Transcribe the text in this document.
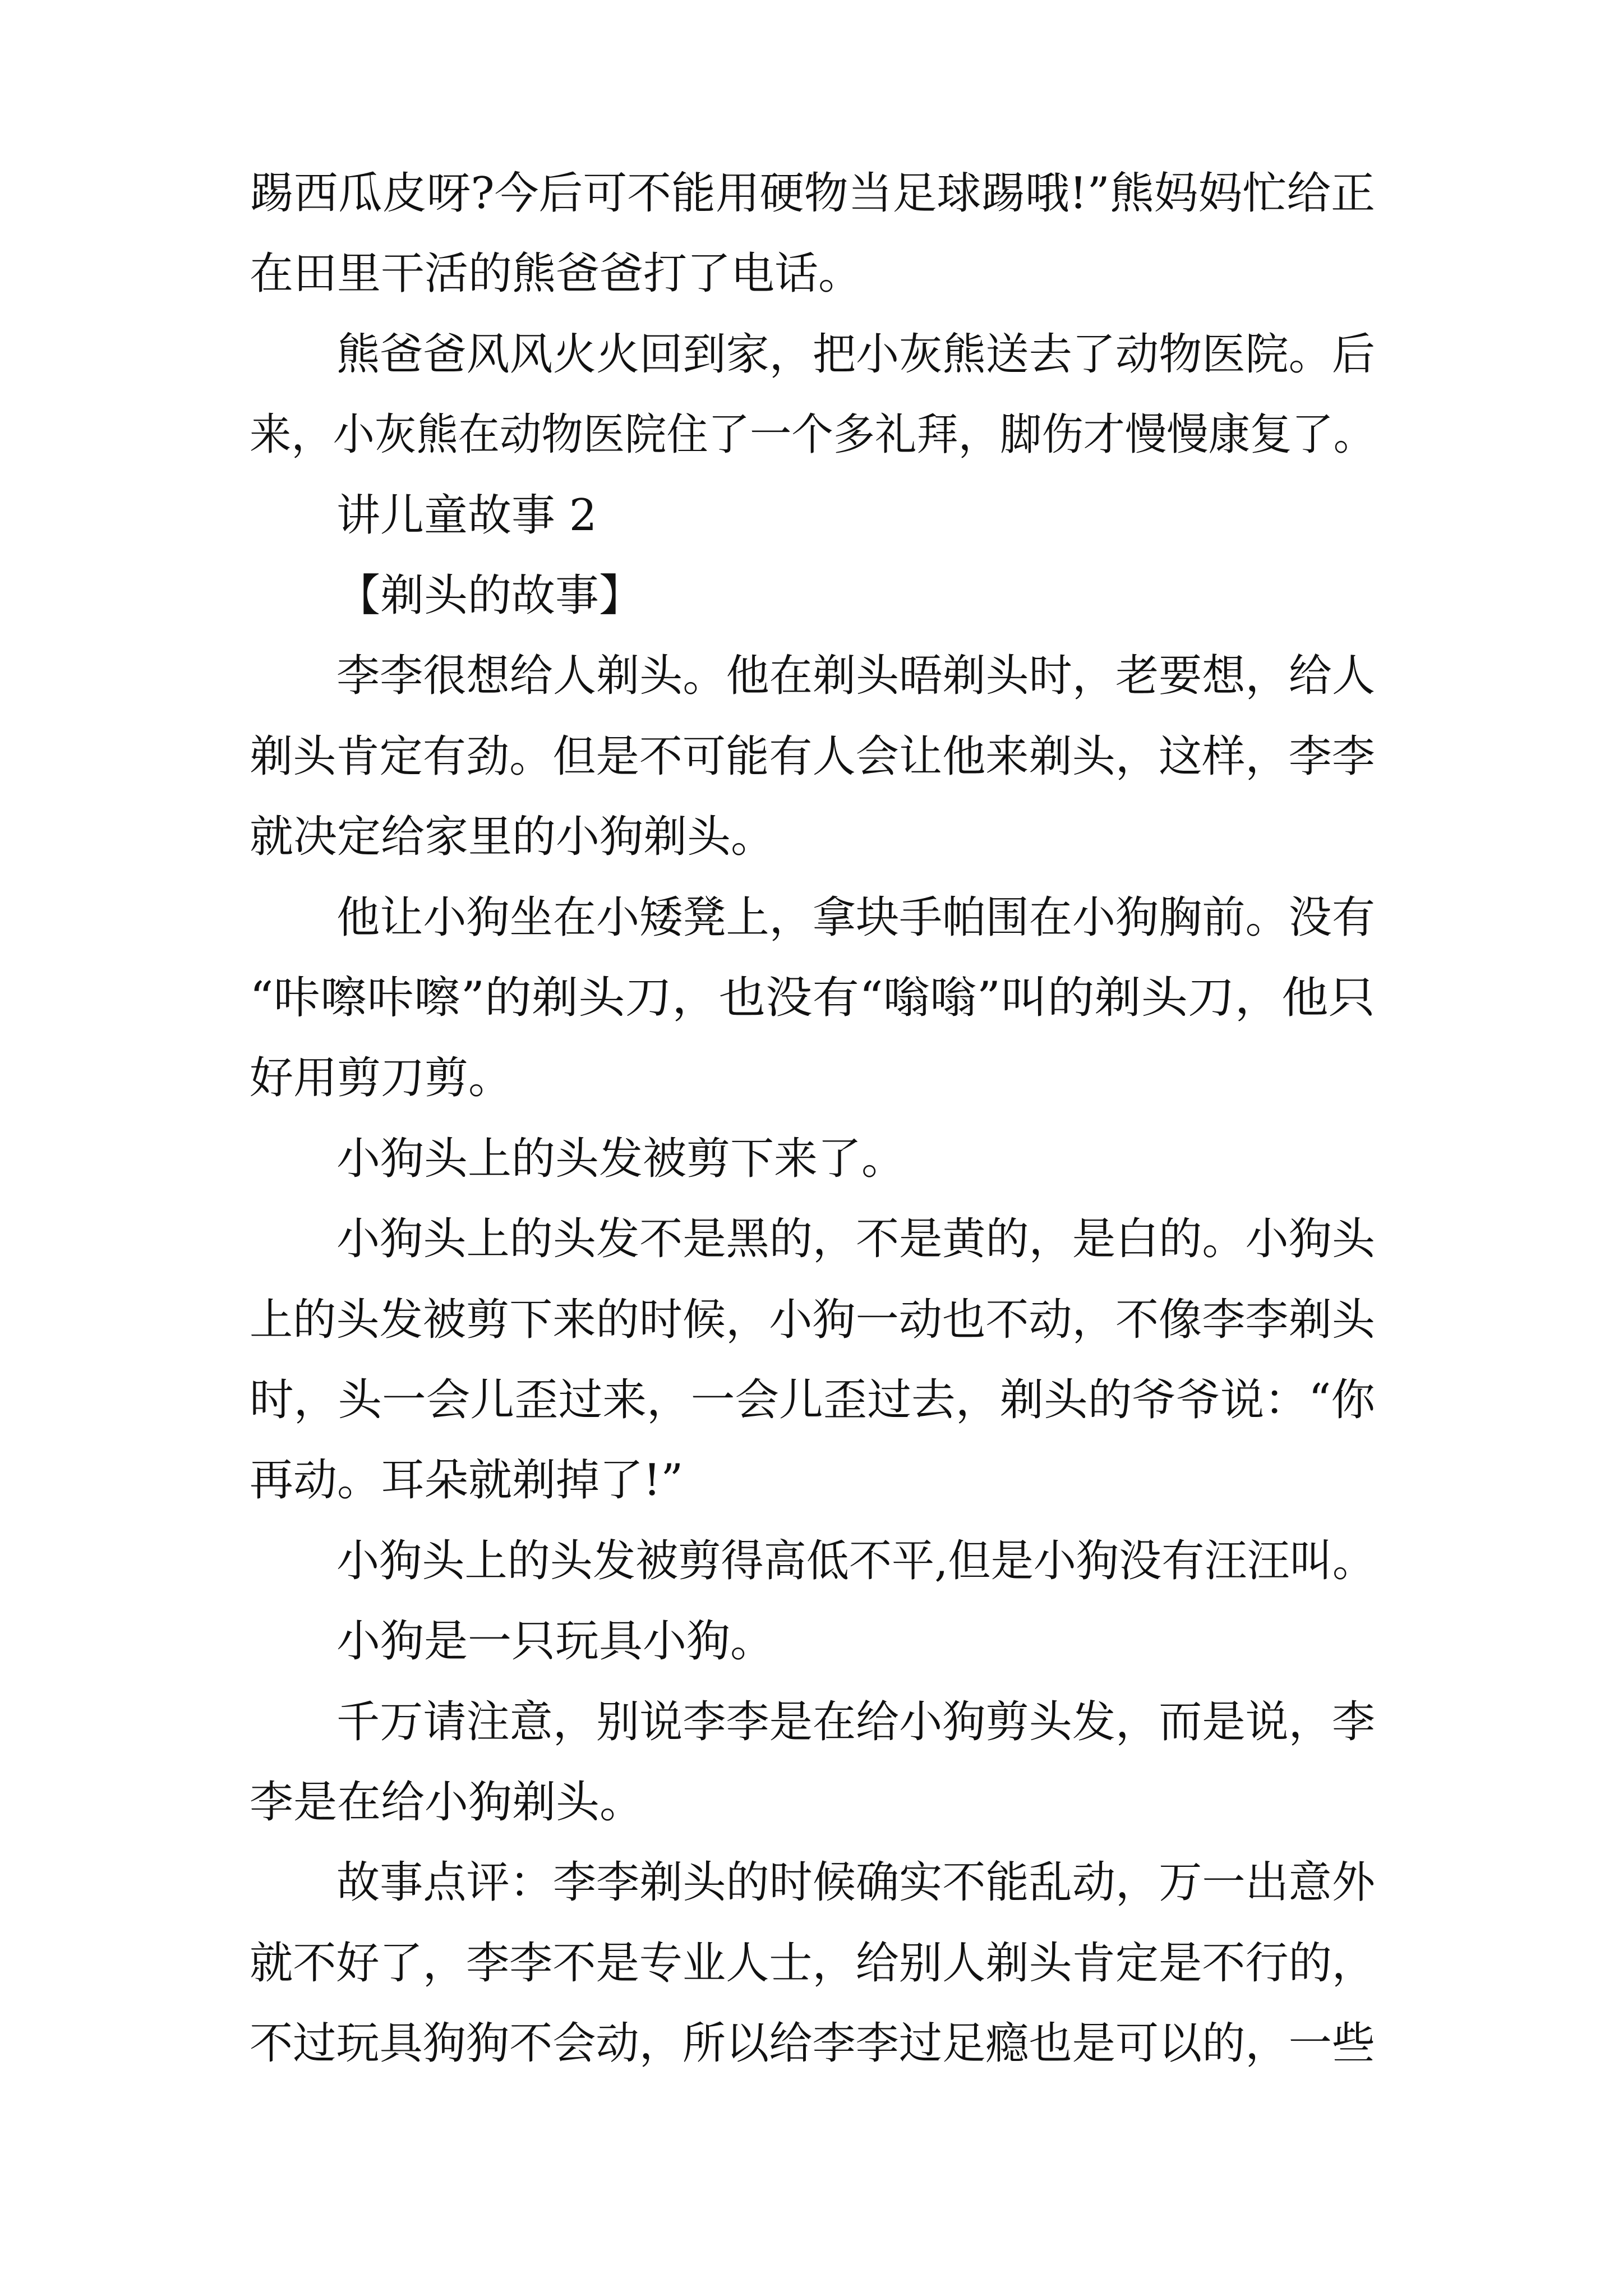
踢西瓜皮呀?今后可不能用硬物当足球踢哦!”熊妈妈忙给正
在田里干活的熊爸爸打了电话。
熊爸爸风风火火回到家，把小灰熊送去了动物医院。后
来，小灰熊在动物医院住了一个多礼拜，脚伤才慢慢康复了。
讲儿童故事 2
【剃头的故事】
李李很想给人剃头。他在剃头晤剃头时，老要想，给人
剃头肯定有劲。但是不可能有人会让他来剃头，这样，李李
就决定给家里的小狗剃头。
他让小狗坐在小矮凳上，拿块手帕围在小狗胸前。没有
“咔嚓咔嚓”的剃头刀，也没有“嗡嗡”叫的剃头刀，他只
好用剪刀剪。
小狗头上的头发被剪下来了。
小狗头上的头发不是黑的，不是黄的，是白的。小狗头
上的头发被剪下来的时候，小狗一动也不动，不像李李剃头
时，头一会儿歪过来，一会儿歪过去，剃头的爷爷说：“你
再动。耳朵就剃掉了!”
小狗头上的头发被剪得高低不平,但是小狗没有汪汪叫。
小狗是一只玩具小狗。
千万请注意，别说李李是在给小狗剪头发，而是说，李
李是在给小狗剃头。
故事点评：李李剃头的时候确实不能乱动，万一出意外
就不好了，李李不是专业人士，给别人剃头肯定是不行的，
不过玩具狗狗不会动，所以给李李过足瘾也是可以的，一些
